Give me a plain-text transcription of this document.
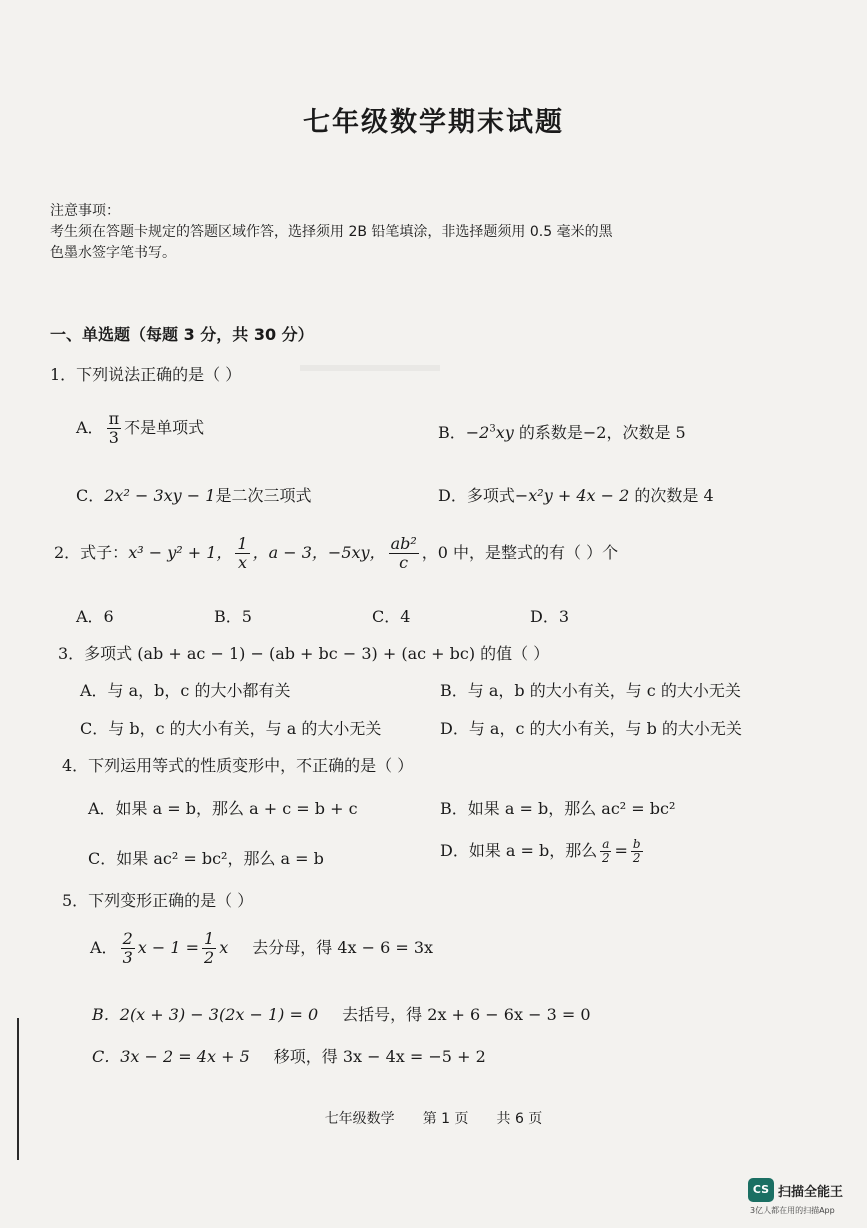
七年级数学期末试题
注意事项：
考生须在答题卡规定的答题区域作答，选择须用 2B 铅笔填涂，非选择题须用 0.5 毫米的黑
色墨水签字笔书写。
一、单选题（每题 3 分，共 30 分）
1．下列说法正确的是（ ）
A． $\frac{\pi}{3}$ 不是单项式	B．$-2^3xy$ 的系数是−2，次数是 5
C．2x² − 3xy − 1是二次三项式	D．多项式−x²y + 4x − 2 的次数是 4
2．式子：x³ − y² + 1， $\frac{1}{x}$ ，a − 3，−5xy， $\frac{\text{ab²}}{c}$ ，0 中，是整式的有（ ）个
A．6	B．5	C．4	D．3
3．多项式 (ab + ac − 1) − (ab + bc − 3) + (ac + bc) 的值（ ）
A．与 a，b，c 的大小都有关	B．与 a，b 的大小有关，与 c 的大小无关
C．与 b，c 的大小有关，与 a 的大小无关	D．与 a，c 的大小有关，与 b 的大小无关
4．下列运用等式的性质变形中，不正确的是（ ）
A．如果 a = b，那么 a + c = b + c	B．如果 a = b，那么 ac² = bc²
C．如果 ac² = bc²，那么 a = b	D．如果 a = b，那么 $\frac{a}{2} = \frac{b}{2}$
5．下列变形正确的是（ ）
A． $\frac{2}{3}$ $x - 1 = \frac{1}{2}$ x 去分母，得 4x − 6 = 3x
B．2(x + 3) − 3(2x − 1) = 0 去括号，得 2x + 6 − 6x − 3 = 0
C．3x − 2 = 4x + 5 移项，得 3x − 4x = −5 + 2
七年级数学 第 1 页 共 6 页
CS 扫描全能王
3亿人都在用的扫描App
